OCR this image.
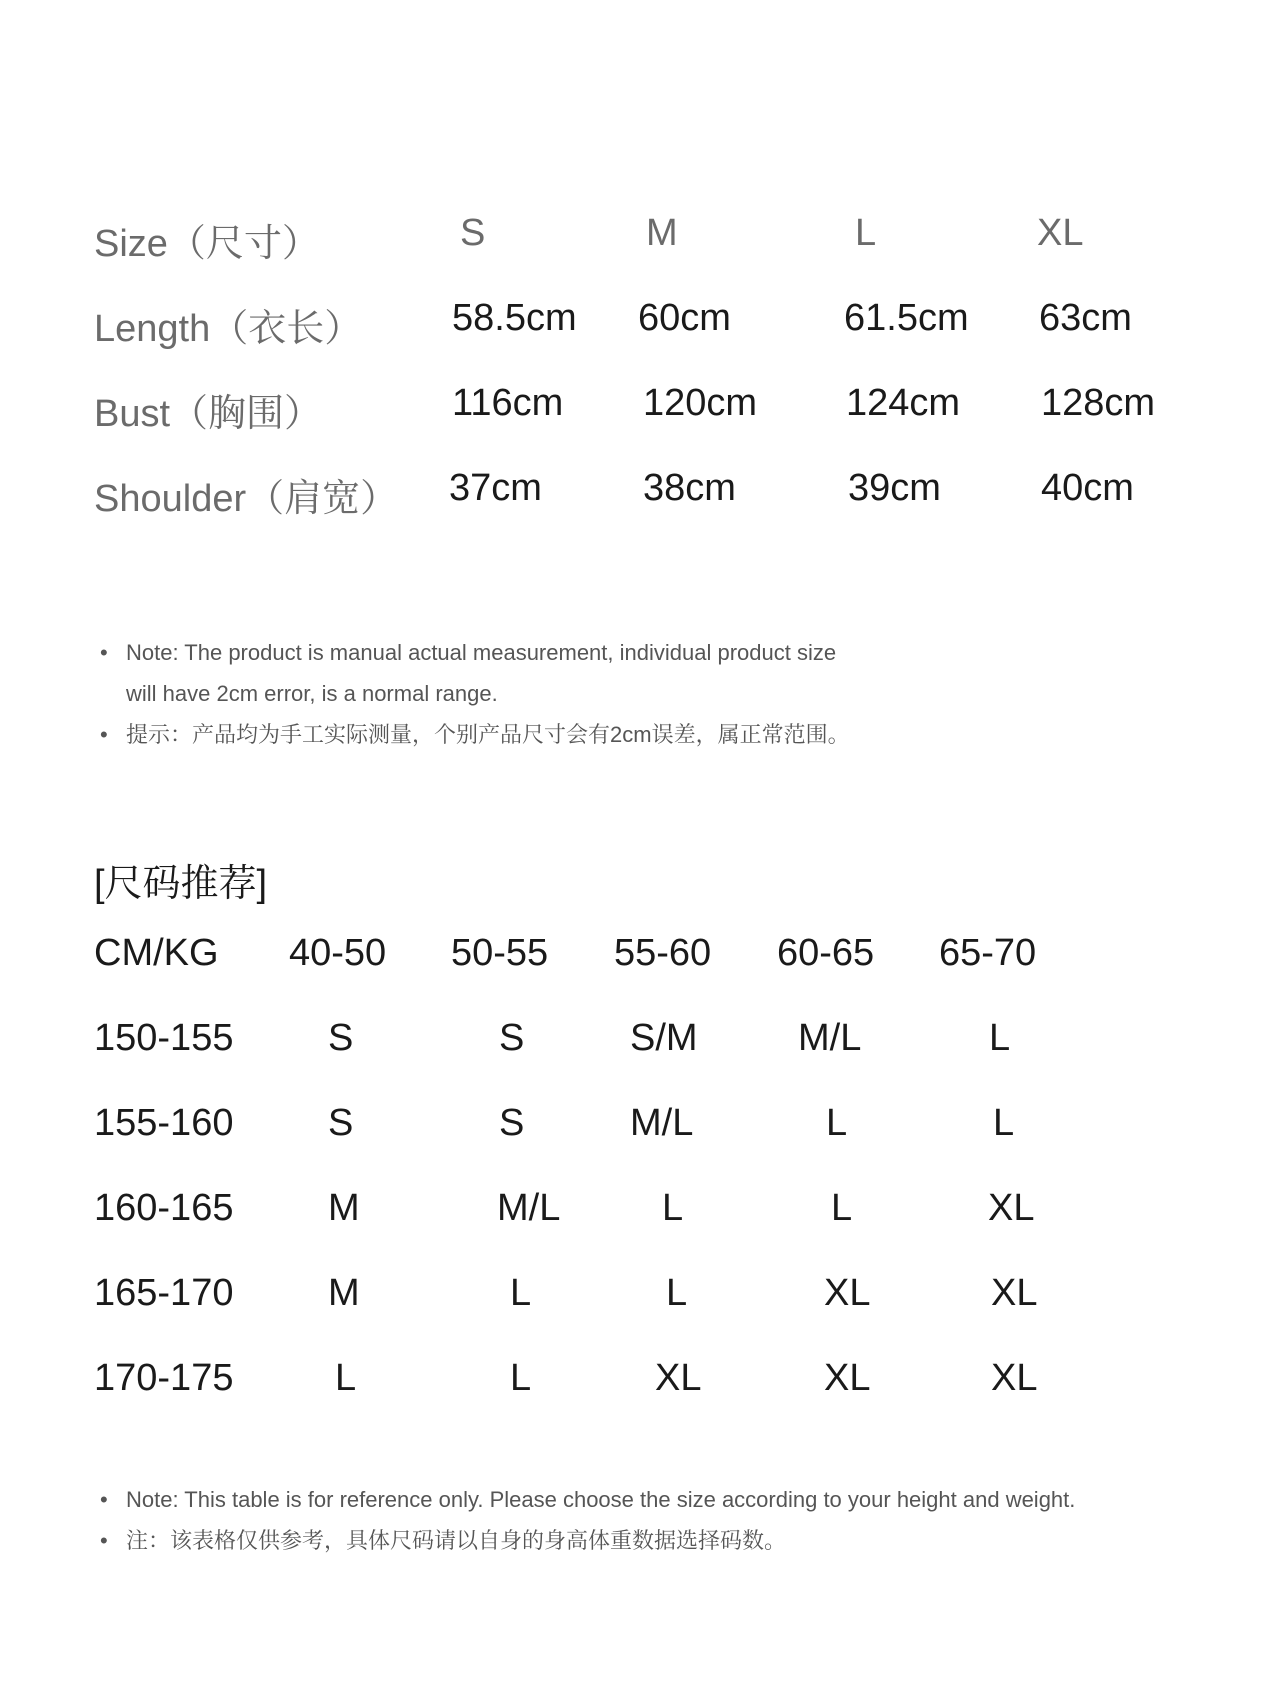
Size（尺寸）	S	M	L	XL
Length（衣长） 58.5cm 60cm	61.5cm 63cm
Bust（胸围）	116cm 120cm 124cm 128cm
Shoulder（肩宽） 37cm	38cm	39cm	40cm
• Note: The product is manual actual measurement, individual product size
will have 2cm error, is a normal range.
• 提示：产品均为手工实际测量，个别产品尺寸会有2cm误差，属正常范围。
[尺码推荐]
CM/KG 40-50 50-55 55-60 60-65 65-70
150-155 S	S	S/M	M/L	L
155-160 S	S	M/L	L	L
160-165 M	M/L	L	L	XL
165-170 M	L	L	XL	XL
170-175	L	L	XL	XL	XL
• Note: This table is for reference only. Please choose the size according to your height and weight.
• 注：该表格仅供参考，具体尺码请以自身的身高体重数据选择码数。
